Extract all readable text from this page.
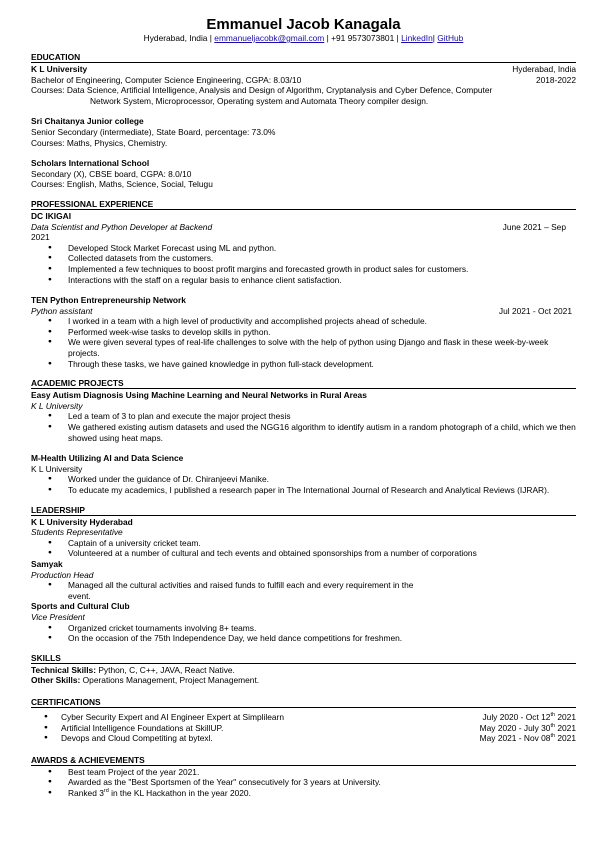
Emmanuel Jacob Kanagala
Hyderabad, India | emmanueljacobk@gmail.com | +91 9573073801 | LinkedIn| GitHub
EDUCATION
K L University	Hyderabad, India
Bachelor of Engineering, Computer Science Engineering, CGPA: 8.03/10	2018-2022
Courses: Data Science, Artificial Intelligence, Analysis and Design of Algorithm, Cryptanalysis and Cyber Defence, Computer
Network System, Microprocessor, Operating system and Automata Theory compiler design.
Sri Chaitanya Junior college
Senior Secondary (intermediate), State Board, percentage: 73.0%
Courses: Maths, Physics, Chemistry.
Scholars International School
Secondary (X), CBSE board, CGPA: 8.0/10
Courses: English, Maths, Science, Social, Telugu
PROFESSIONAL EXPERIENCE
DC IKIGAI
Data Scientist and Python Developer at Backend	June 2021 – Sep
2021
● Developed Stock Market Forecast using ML and python.
● Collected datasets from the customers.
● Implemented a few techniques to boost profit margins and forecasted growth in product sales for customers.
● Interactions with the staff on a regular basis to enhance client satisfaction.
TEN Python Entrepreneurship Network
Python assistant	Jul 2021 - Oct 2021
● I worked in a team with a high level of productivity and accomplished projects ahead of schedule.
● Performed week-wise tasks to develop skills in python.
● We were given several types of real-life challenges to solve with the help of python using Django and flask in these week-by-week projects.
● Through these tasks, we have gained knowledge in python full-stack development.
ACADEMIC PROJECTS
Easy Autism Diagnosis Using Machine Learning and Neural Networks in Rural Areas
K L University
● Led a team of 3 to plan and execute the major project thesis
● We gathered existing autism datasets and used the NGG16 algorithm to identify autism in a random photograph of a child, which we then showed using heat maps.
M-Health Utilizing AI and Data Science
K L University
● Worked under the guidance of Dr. Chiranjeevi Manike.
● To educate my academics, I published a research paper in The International Journal of Research and Analytical Reviews (IJRAR).
LEADERSHIP
K L University Hyderabad
Students Representative
● Captain of a university cricket team.
● Volunteered at a number of cultural and tech events and obtained sponsorships from a number of corporations
Samyak
Production Head
● Managed all the cultural activities and raised funds to fulfill each and every requirement in the event.
Sports and Cultural Club
Vice President
● Organized cricket tournaments involving 8+ teams.
● On the occasion of the 75th Independence Day, we held dance competitions for freshmen.
SKILLS
Technical Skills: Python, C, C++, JAVA, React Native.
Other Skills: Operations Management, Project Management.
CERTIFICATIONS
● Cyber Security Expert and AI Engineer Expert at Simplilearn	July 2020 - Oct 12th 2021
● Artificial Intelligence Foundations at SkillUP.	May 2020 - July 30th 2021
● Devops and Cloud Competiting at bytexl.	May 2021 - Nov 08th 2021
AWARDS & ACHIEVEMENTS
● Best team Project of the year 2021.
● Awarded as the "Best Sportsmen of the Year" consecutively for 3 years at University.
● Ranked 3rd in the KL Hackathon in the year 2020.
